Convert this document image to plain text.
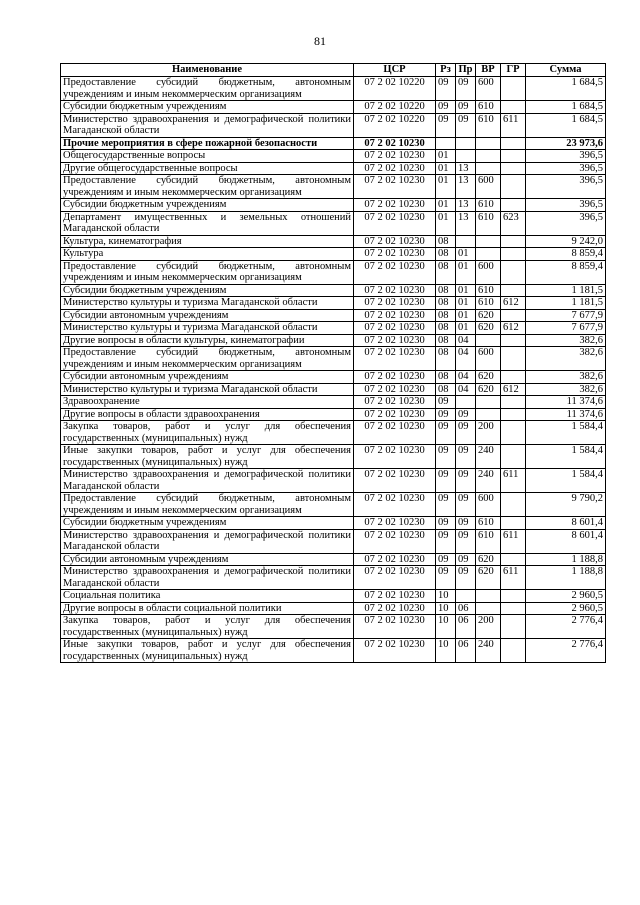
81
Наименование	ЦСР	Рз	Пр	ВР	ГР	Сумма
Предоставление субсидий бюджетным, автономным учреждениям и иным некоммерческим организациям	07 2 02 10220	09	09	600		1 684,5
Субсидии бюджетным учреждениям	07 2 02 10220	09	09	610		1 684,5
Министерство здравоохранения и демографической политики Магаданской области	07 2 02 10220	09	09	610	611	1 684,5
Прочие мероприятия в сфере пожарной безопасности	07 2 02 10230					23 973,6
Общегосударственные вопросы	07 2 02 10230	01				396,5
Другие общегосударственные вопросы	07 2 02 10230	01	13			396,5
Предоставление субсидий бюджетным, автономным учреждениям и иным некоммерческим организациям	07 2 02 10230	01	13	600		396,5
Субсидии бюджетным учреждениям	07 2 02 10230	01	13	610		396,5
Департамент имущественных и земельных отношений Магаданской области	07 2 02 10230	01	13	610	623	396,5
Культура, кинематография	07 2 02 10230	08				9 242,0
Культура	07 2 02 10230	08	01			8 859,4
Предоставление субсидий бюджетным, автономным учреждениям и иным некоммерческим организациям	07 2 02 10230	08	01	600		8 859,4
Субсидии бюджетным учреждениям	07 2 02 10230	08	01	610		1 181,5
Министерство культуры и туризма Магаданской области	07 2 02 10230	08	01	610	612	1 181,5
Субсидии автономным учреждениям	07 2 02 10230	08	01	620		7 677,9
Министерство культуры и туризма Магаданской области	07 2 02 10230	08	01	620	612	7 677,9
Другие вопросы в области культуры, кинематографии	07 2 02 10230	08	04			382,6
Предоставление субсидий бюджетным, автономным учреждениям и иным некоммерческим организациям	07 2 02 10230	08	04	600		382,6
Субсидии автономным учреждениям	07 2 02 10230	08	04	620		382,6
Министерство культуры и туризма Магаданской области	07 2 02 10230	08	04	620	612	382,6
Здравоохранение	07 2 02 10230	09				11 374,6
Другие вопросы в области здравоохранения	07 2 02 10230	09	09			11 374,6
Закупка товаров, работ и услуг для обеспечения государственных (муниципальных) нужд	07 2 02 10230	09	09	200		1 584,4
Иные закупки товаров, работ и услуг для обеспечения государственных (муниципальных) нужд	07 2 02 10230	09	09	240		1 584,4
Министерство здравоохранения и демографической политики Магаданской области	07 2 02 10230	09	09	240	611	1 584,4
Предоставление субсидий бюджетным, автономным учреждениям и иным некоммерческим организациям	07 2 02 10230	09	09	600		9 790,2
Субсидии бюджетным учреждениям	07 2 02 10230	09	09	610		8 601,4
Министерство здравоохранения и демографической политики Магаданской области	07 2 02 10230	09	09	610	611	8 601,4
Субсидии автономным учреждениям	07 2 02 10230	09	09	620		1 188,8
Министерство здравоохранения и демографической политики Магаданской области	07 2 02 10230	09	09	620	611	1 188,8
Социальная политика	07 2 02 10230	10				2 960,5
Другие вопросы в области социальной политики	07 2 02 10230	10	06			2 960,5
Закупка товаров, работ и услуг для обеспечения государственных (муниципальных) нужд	07 2 02 10230	10	06	200		2 776,4
Иные закупки товаров, работ и услуг для обеспечения государственных (муниципальных) нужд	07 2 02 10230	10	06	240		2 776,4
